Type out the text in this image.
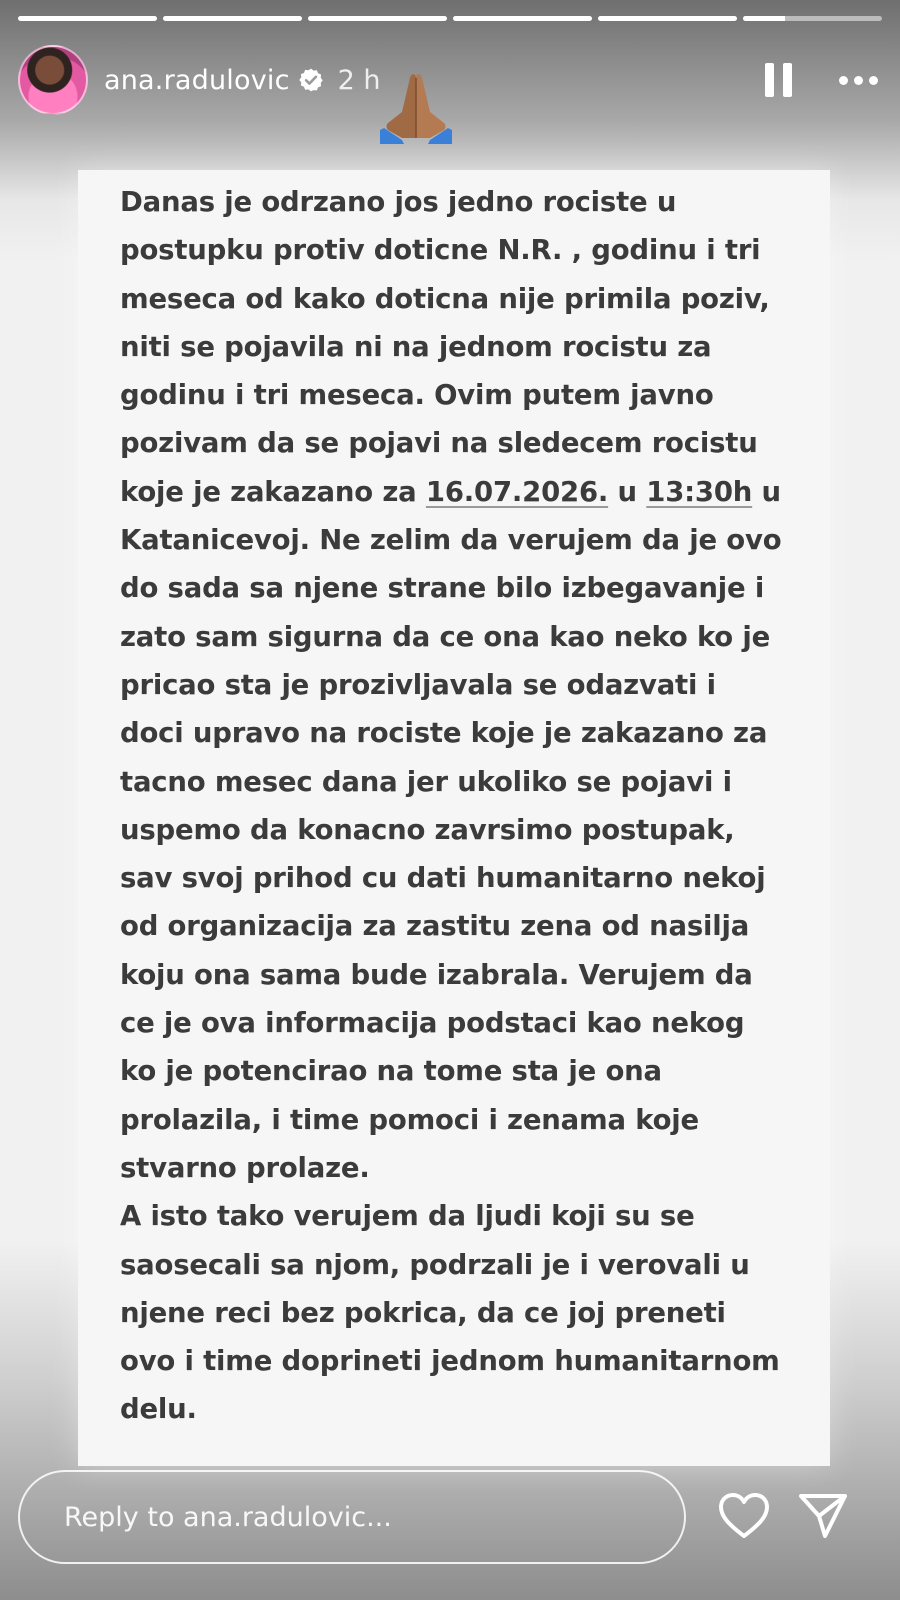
ana.radulovic 2 h
Danas je odrzano jos jedno rociste u
postupku protiv doticne N.R. , godinu i tri
meseca od kako doticna nije primila poziv,
niti se pojavila ni na jednom rocistu za
godinu i tri meseca. Ovim putem javno
pozivam da se pojavi na sledecem rocistu
koje je zakazano za 16.07.2026. u 13:30h u
Katanicevoj. Ne zelim da verujem da je ovo
do sada sa njene strane bilo izbegavanje i
zato sam sigurna da ce ona kao neko ko je
pricao sta je prozivljavala se odazvati i
doci upravo na rociste koje je zakazano za
tacno mesec dana jer ukoliko se pojavi i
uspemo da konacno zavrsimo postupak,
sav svoj prihod cu dati humanitarno nekoj
od organizacija za zastitu zena od nasilja
koju ona sama bude izabrala. Verujem da
ce je ova informacija podstaci kao nekog
ko je potencirao na tome sta je ona
prolazila, i time pomoci i zenama koje
stvarno prolaze.
A isto tako verujem da ljudi koji su se
saosecali sa njom, podrzali je i verovali u
njene reci bez pokrica, da ce joj preneti
ovo i time doprineti jednom humanitarnom
delu.
Reply to ana.radulovic...
